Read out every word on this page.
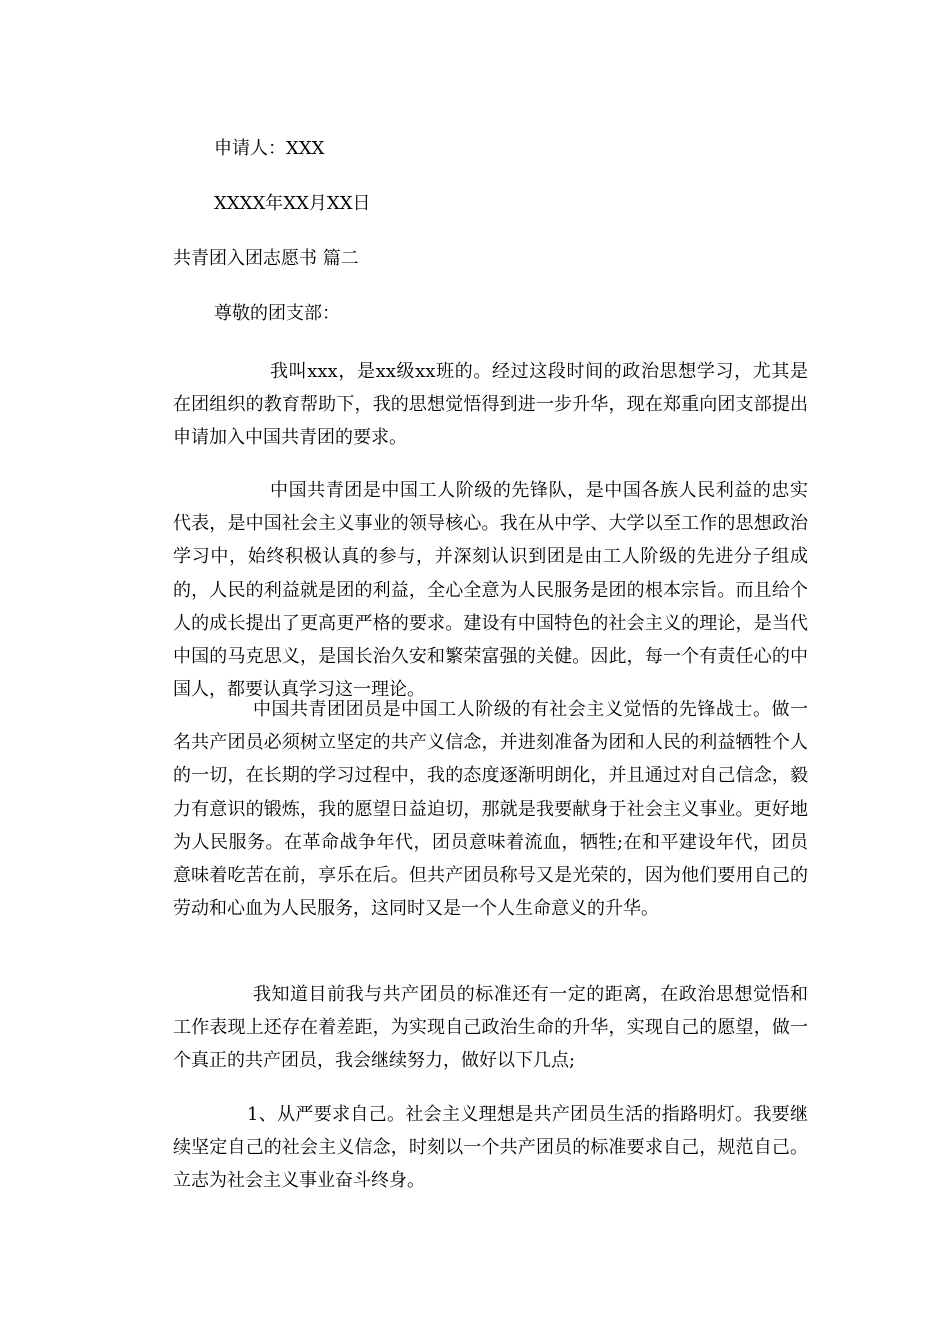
申请人：XXX

XXXX年XX月XX日

共青团入团志愿书 篇二

尊敬的团支部：

我叫xxx，是xx级xx班的。经过这段时间的政治思想学习，尤其是在团组织的教育帮助下，我的思想觉悟得到进一步升华，现在郑重向团支部提出申请加入中国共青团的要求。

中国共青团是中国工人阶级的先锋队，是中国各族人民利益的忠实代表，是中国社会主义事业的领导核心。我在从中学、大学以至工作的思想政治学习中，始终积极认真的参与，并深刻认识到团是由工人阶级的先进分子组成的，人民的利益就是团的利益，全心全意为人民服务是团的根本宗旨。而且给个人的成长提出了更高更严格的要求。建设有中国特色的社会主义的理论，是当代中国的马克思义，是国长治久安和繁荣富强的关健。因此，每一个有责任心的中国人，都要认真学习这一理论。

中国共青团团员是中国工人阶级的有社会主义觉悟的先锋战士。做一名共产团员必须树立坚定的共产义信念，并进刻准备为团和人民的利益牺牲个人的一切，在长期的学习过程中，我的态度逐渐明朗化，并且通过对自己信念，毅力有意识的锻炼，我的愿望日益迫切，那就是我要献身于社会主义事业。更好地为人民服务。在革命战争年代，团员意味着流血，牺牲;在和平建设年代，团员意味着吃苦在前，享乐在后。但共产团员称号又是光荣的，因为他们要用自己的劳动和心血为人民服务，这同时又是一个人生命意义的升华。

我知道目前我与共产团员的标准还有一定的距离，在政治思想觉悟和工作表现上还存在着差距，为实现自己政治生命的升华，实现自己的愿望，做一个真正的共产团员，我会继续努力，做好以下几点;

1、从严要求自己。社会主义理想是共产团员生活的指路明灯。我要继续坚定自己的社会主义信念，时刻以一个共产团员的标准要求自己，规范自己。立志为社会主义事业奋斗终身。
